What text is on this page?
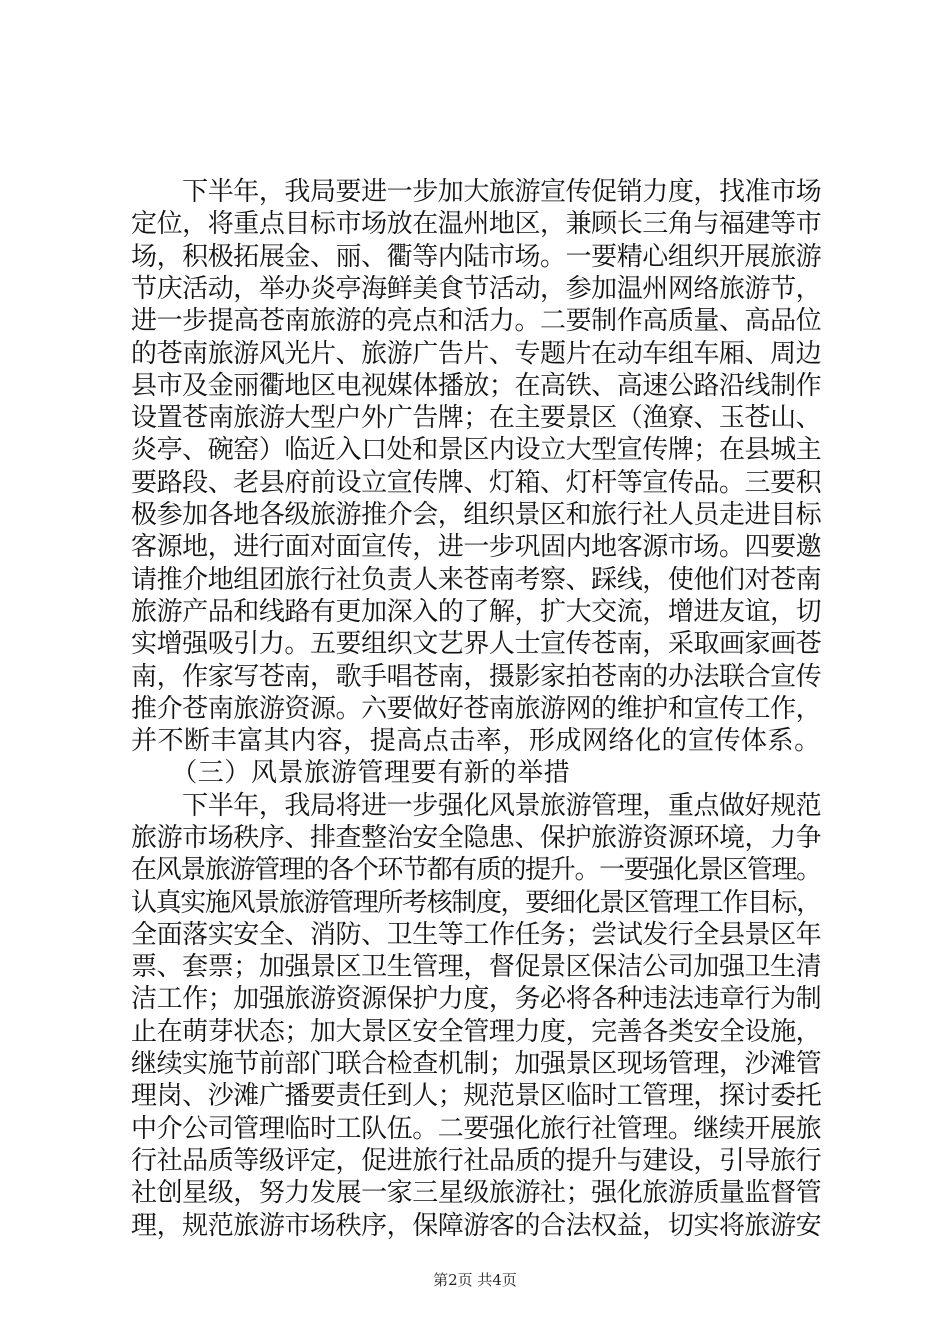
　　下半年，我局要进一步加大旅游宣传促销力度，找准市场
定位，将重点目标市场放在温州地区，兼顾长三角与福建等市
场，积极拓展金、丽、衢等内陆市场。一要精心组织开展旅游
节庆活动，举办炎亭海鲜美食节活动，参加温州网络旅游节，
进一步提高苍南旅游的亮点和活力。二要制作高质量、高品位
的苍南旅游风光片、旅游广告片、专题片在动车组车厢、周边
县市及金丽衢地区电视媒体播放；在高铁、高速公路沿线制作
设置苍南旅游大型户外广告牌；在主要景区（渔寮、玉苍山、
炎亭、碗窑）临近入口处和景区内设立大型宣传牌；在县城主
要路段、老县府前设立宣传牌、灯箱、灯杆等宣传品。三要积
极参加各地各级旅游推介会，组织景区和旅行社人员走进目标
客源地，进行面对面宣传，进一步巩固内地客源市场。四要邀
请推介地组团旅行社负责人来苍南考察、踩线，使他们对苍南
旅游产品和线路有更加深入的了解，扩大交流，增进友谊，切
实增强吸引力。五要组织文艺界人士宣传苍南，采取画家画苍
南，作家写苍南，歌手唱苍南，摄影家拍苍南的办法联合宣传
推介苍南旅游资源。六要做好苍南旅游网的维护和宣传工作，
并不断丰富其内容，提高点击率，形成网络化的宣传体系。
　　（三）风景旅游管理要有新的举措
　　下半年，我局将进一步强化风景旅游管理，重点做好规范
旅游市场秩序、排查整治安全隐患、保护旅游资源环境，力争
在风景旅游管理的各个环节都有质的提升。一要强化景区管理。
认真实施风景旅游管理所考核制度，要细化景区管理工作目标，
全面落实安全、消防、卫生等工作任务；尝试发行全县景区年
票、套票；加强景区卫生管理，督促景区保洁公司加强卫生清
洁工作；加强旅游资源保护力度，务必将各种违法违章行为制
止在萌芽状态；加大景区安全管理力度，完善各类安全设施，
继续实施节前部门联合检查机制；加强景区现场管理，沙滩管
理岗、沙滩广播要责任到人；规范景区临时工管理，探讨委托
中介公司管理临时工队伍。二要强化旅行社管理。继续开展旅
行社品质等级评定，促进旅行社品质的提升与建设，引导旅行
社创星级，努力发展一家三星级旅游社；强化旅游质量监督管
理，规范旅游市场秩序，保障游客的合法权益，切实将旅游安
第2页 共4页
